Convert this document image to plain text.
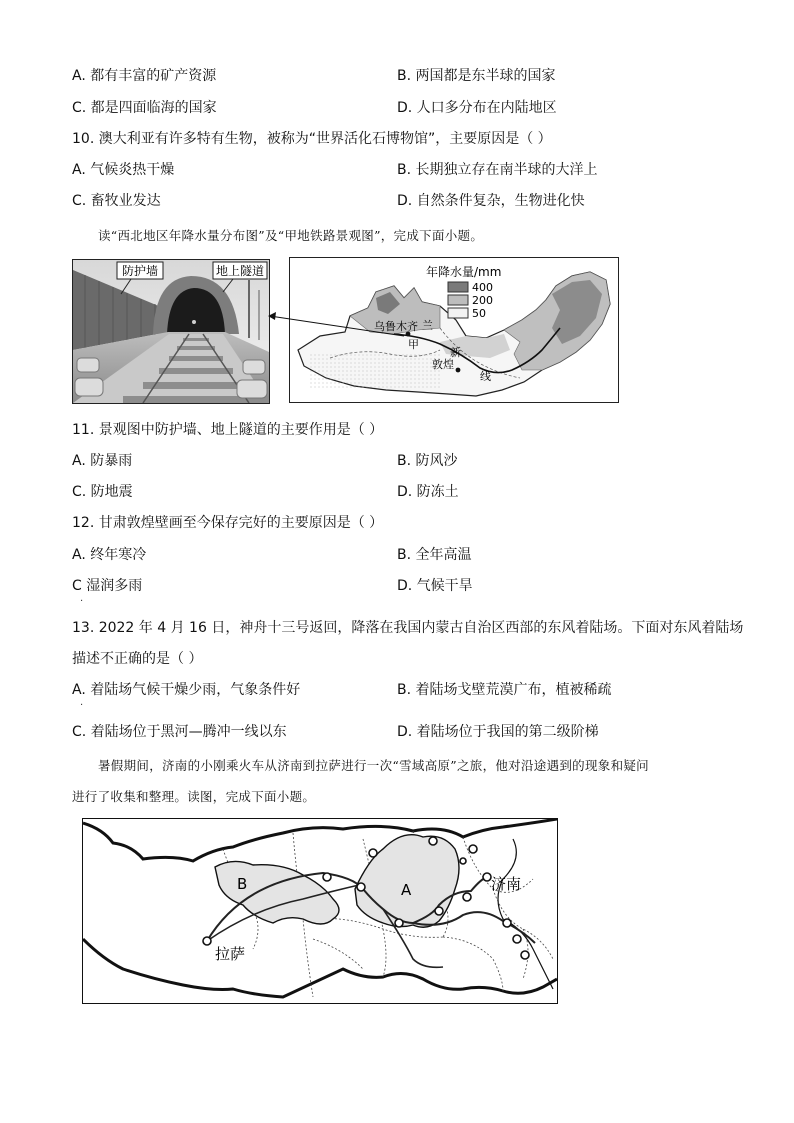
A. 都有丰富的矿产资源	B. 两国都是东半球的国家
C. 都是四面临海的国家	D. 人口多分布在内陆地区
10. 澳大利亚有许多特有生物，被称为“世界活化石博物馆”，主要原因是（ ）
A. 气候炎热干燥	B. 长期独立存在南半球的大洋上
C. 畜牧业发达	D. 自然条件复杂，生物进化快
读“西北地区年降水量分布图”及“甲地铁路景观图”，完成下面小题。
防护墙	地上隧道	年降水量/mm
400
200
50
乌鲁木齐 兰
甲
新
敦煌
线
11. 景观图中防护墙、地上隧道的主要作用是（ ）
A. 防暴雨	B. 防风沙
C. 防地震	D. 防冻土
12. 甘肃敦煌壁画至今保存完好的主要原因是（ ）
A. 终年寒冷	B. 全年高温
C 湿润多雨	D. 气候干旱
·
13. 2022 年 4 月 16 日，神舟十三号返回，降落在我国内蒙古自治区西部的东风着陆场。下面对东风着陆场
描述不正确的是（ ）
A. 着陆场气候干燥少雨，气象条件好	B. 着陆场戈壁荒漠广布，植被稀疏
·
C. 着陆场位于黑河—腾冲一线以东	D. 着陆场位于我国的第二级阶梯
暑假期间，济南的小刚乘火车从济南到拉萨进行一次“雪域高原”之旅，他对沿途遇到的现象和疑问
进行了收集和整理。读图，完成下面小题。
B	A	济南
拉萨
